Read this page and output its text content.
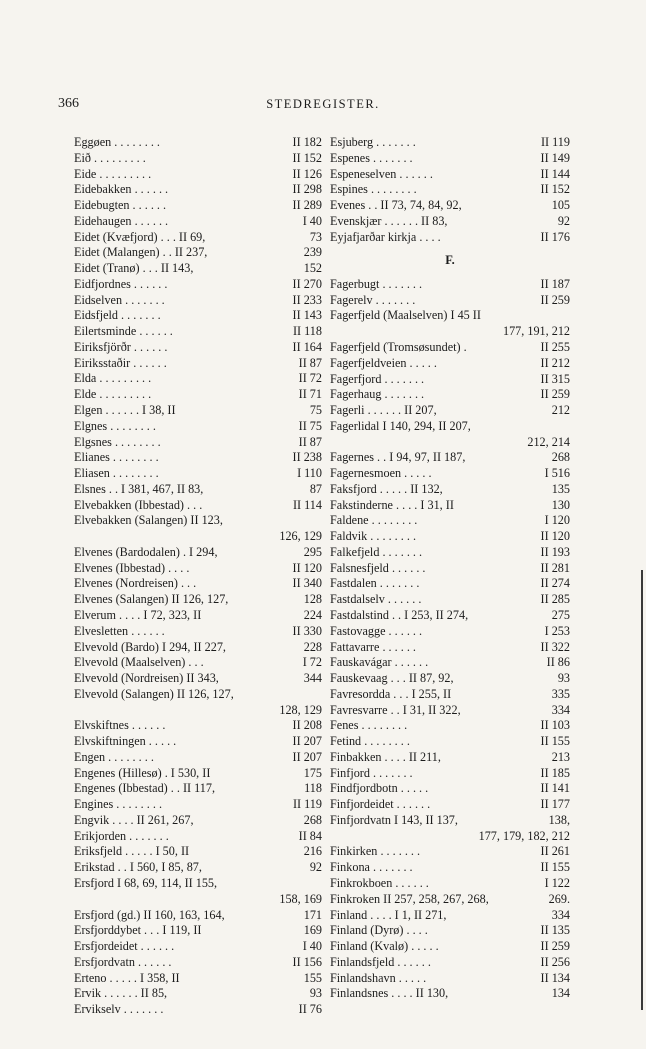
366	STEDREGISTER.
Eggøen . . . . . . . .	II 182
Eið . . . . . . . . .	II 152
Eide . . . . . . . . .	II 126
Eidebakken . . . . . .	II 298
Eidebugten . . . . . .	II 289
Eidehaugen . . . . . .	I 40
Eidet (Kvæfjord) . . . II 69,	73
Eidet (Malangen) . . II 237,	239
Eidet (Tranø) . . . II 143,	152
Eidfjordnes . . . . . .	II 270
Eidselven . . . . . . .	II 233
Eidsfjeld . . . . . . .	II 143
Eilertsminde . . . . . .	II 118
Eiriksfjörðr . . . . . .	II 164
Eiriksstaðir . . . . . .	II 87
Elda . . . . . . . . .	II 72
Elde . . . . . . . . .	II 71
Elgen . . . . . . I 38, II	75
Elgnes . . . . . . . .	II 75
Elgsnes . . . . . . . .	II 87
Elianes . . . . . . . .	II 238
Eliasen . . . . . . . .	I 110
Elsnes . . I 381, 467, II 83,	87
Elvebakken (Ibbestad) . . .	II 114
Elvebakken (Salangen) II 123,
126, 129
Elvenes (Bardodalen) . I 294,	295
Elvenes (Ibbestad) . . . .	II 120
Elvenes (Nordreisen) . . .	II 340
Elvenes (Salangen) II 126, 127,	128
Elverum . . . . I 72, 323, II	224
Elvesletten . . . . . .	II 330
Elvevold (Bardo) I 294, II 227,	228
Elvevold (Maalselven) . . .	I 72
Elvevold (Nordreisen) II 343,	344
Elvevold (Salangen) II 126, 127,
128, 129
Elvskiftnes . . . . . .	II 208
Elvskiftningen . . . . .	II 207
Engen . . . . . . . .	II 207
Engenes (Hillesø) . I 530, II	175
Engenes (Ibbestad) . . II 117,	118
Engines . . . . . . . .	II 119
Engvik . . . . II 261, 267,	268
Erikjorden . . . . . . .	II 84
Eriksfjeld . . . . . I 50, II	216
Erikstad . . I 560, I 85, 87,	92
Ersfjord I 68, 69, 114, II 155,
158, 169
Ersfjord (gd.) II 160, 163, 164,	171
Ersfjorddybet . . . I 119, II	169
Ersfjordeidet . . . . . .	I 40
Ersfjordvatn . . . . . .	II 156
Erteno . . . . . I 358, II	155
Ervik . . . . . . II 85,	93
Ervikselv . . . . . . .	II 76
Esjuberg . . . . . . .	II 119
Espenes . . . . . . .	II 149
Espeneselven . . . . . .	II 144
Espines . . . . . . . .	II 152
Evenes . . II 73, 74, 84, 92,	105
Evenskjær . . . . . . II 83,	92
Eyjafjarðar kirkja . . . .	II 176
F.
Fagerbugt . . . . . . .	II 187
Fagerelv . . . . . . .	II 259
Fagerfjeld (Maalselven) I 45 II
177, 191, 212
Fagerfjeld (Tromsøsundet) .	II 255
Fagerfjeldveien . . . . .	II 212
Fagerfjord . . . . . . .	II 315
Fagerhaug . . . . . . .	II 259
Fagerli . . . . . . II 207,	212
Fagerlidal I 140, 294, II 207,
212, 214
Fagernes . . I 94, 97, II 187,	268
Fagernesmoen . . . . .	I 516
Faksfjord . . . . . II 132,	135
Fakstinderne . . . . I 31, II	130
Faldene . . . . . . . .	I 120
Faldvik . . . . . . . .	II 120
Falkefjeld . . . . . . .	II 193
Falsnesfjeld . . . . . .	II 281
Fastdalen . . . . . . .	II 274
Fastdalselv . . . . . .	II 285
Fastdalstind . . I 253, II 274,	275
Fastovagge . . . . . .	I 253
Fattavarre . . . . . .	II 322
Fauskavágar . . . . . .	II 86
Fauskevaag . . . II 87, 92,	93
Favresordda . . . I 255, II	335
Favresvarre . . I 31, II 322,	334
Fenes . . . . . . . .	II 103
Fetind . . . . . . . .	II 155
Finbakken . . . . II 211,	213
Finfjord . . . . . . .	II 185
Findfjordbotn . . . . .	II 141
Finfjordeidet . . . . . .	II 177
Finfjordvatn I 143, II 137,	138,
177, 179, 182, 212
Finkirken . . . . . . .	II 261
Finkona . . . . . . .	II 155
Finkrokboen . . . . . .	I 122
Finkroken II 257, 258, 267, 268,	269.
Finland . . . . I 1, II 271,	334
Finland (Dyrø) . . . .	II 135
Finland (Kvalø) . . . . .	II 259
Finlandsfjeld . . . . . .	II 256
Finlandshavn . . . . .	II 134
Finlandsnes . . . . II 130,	134
